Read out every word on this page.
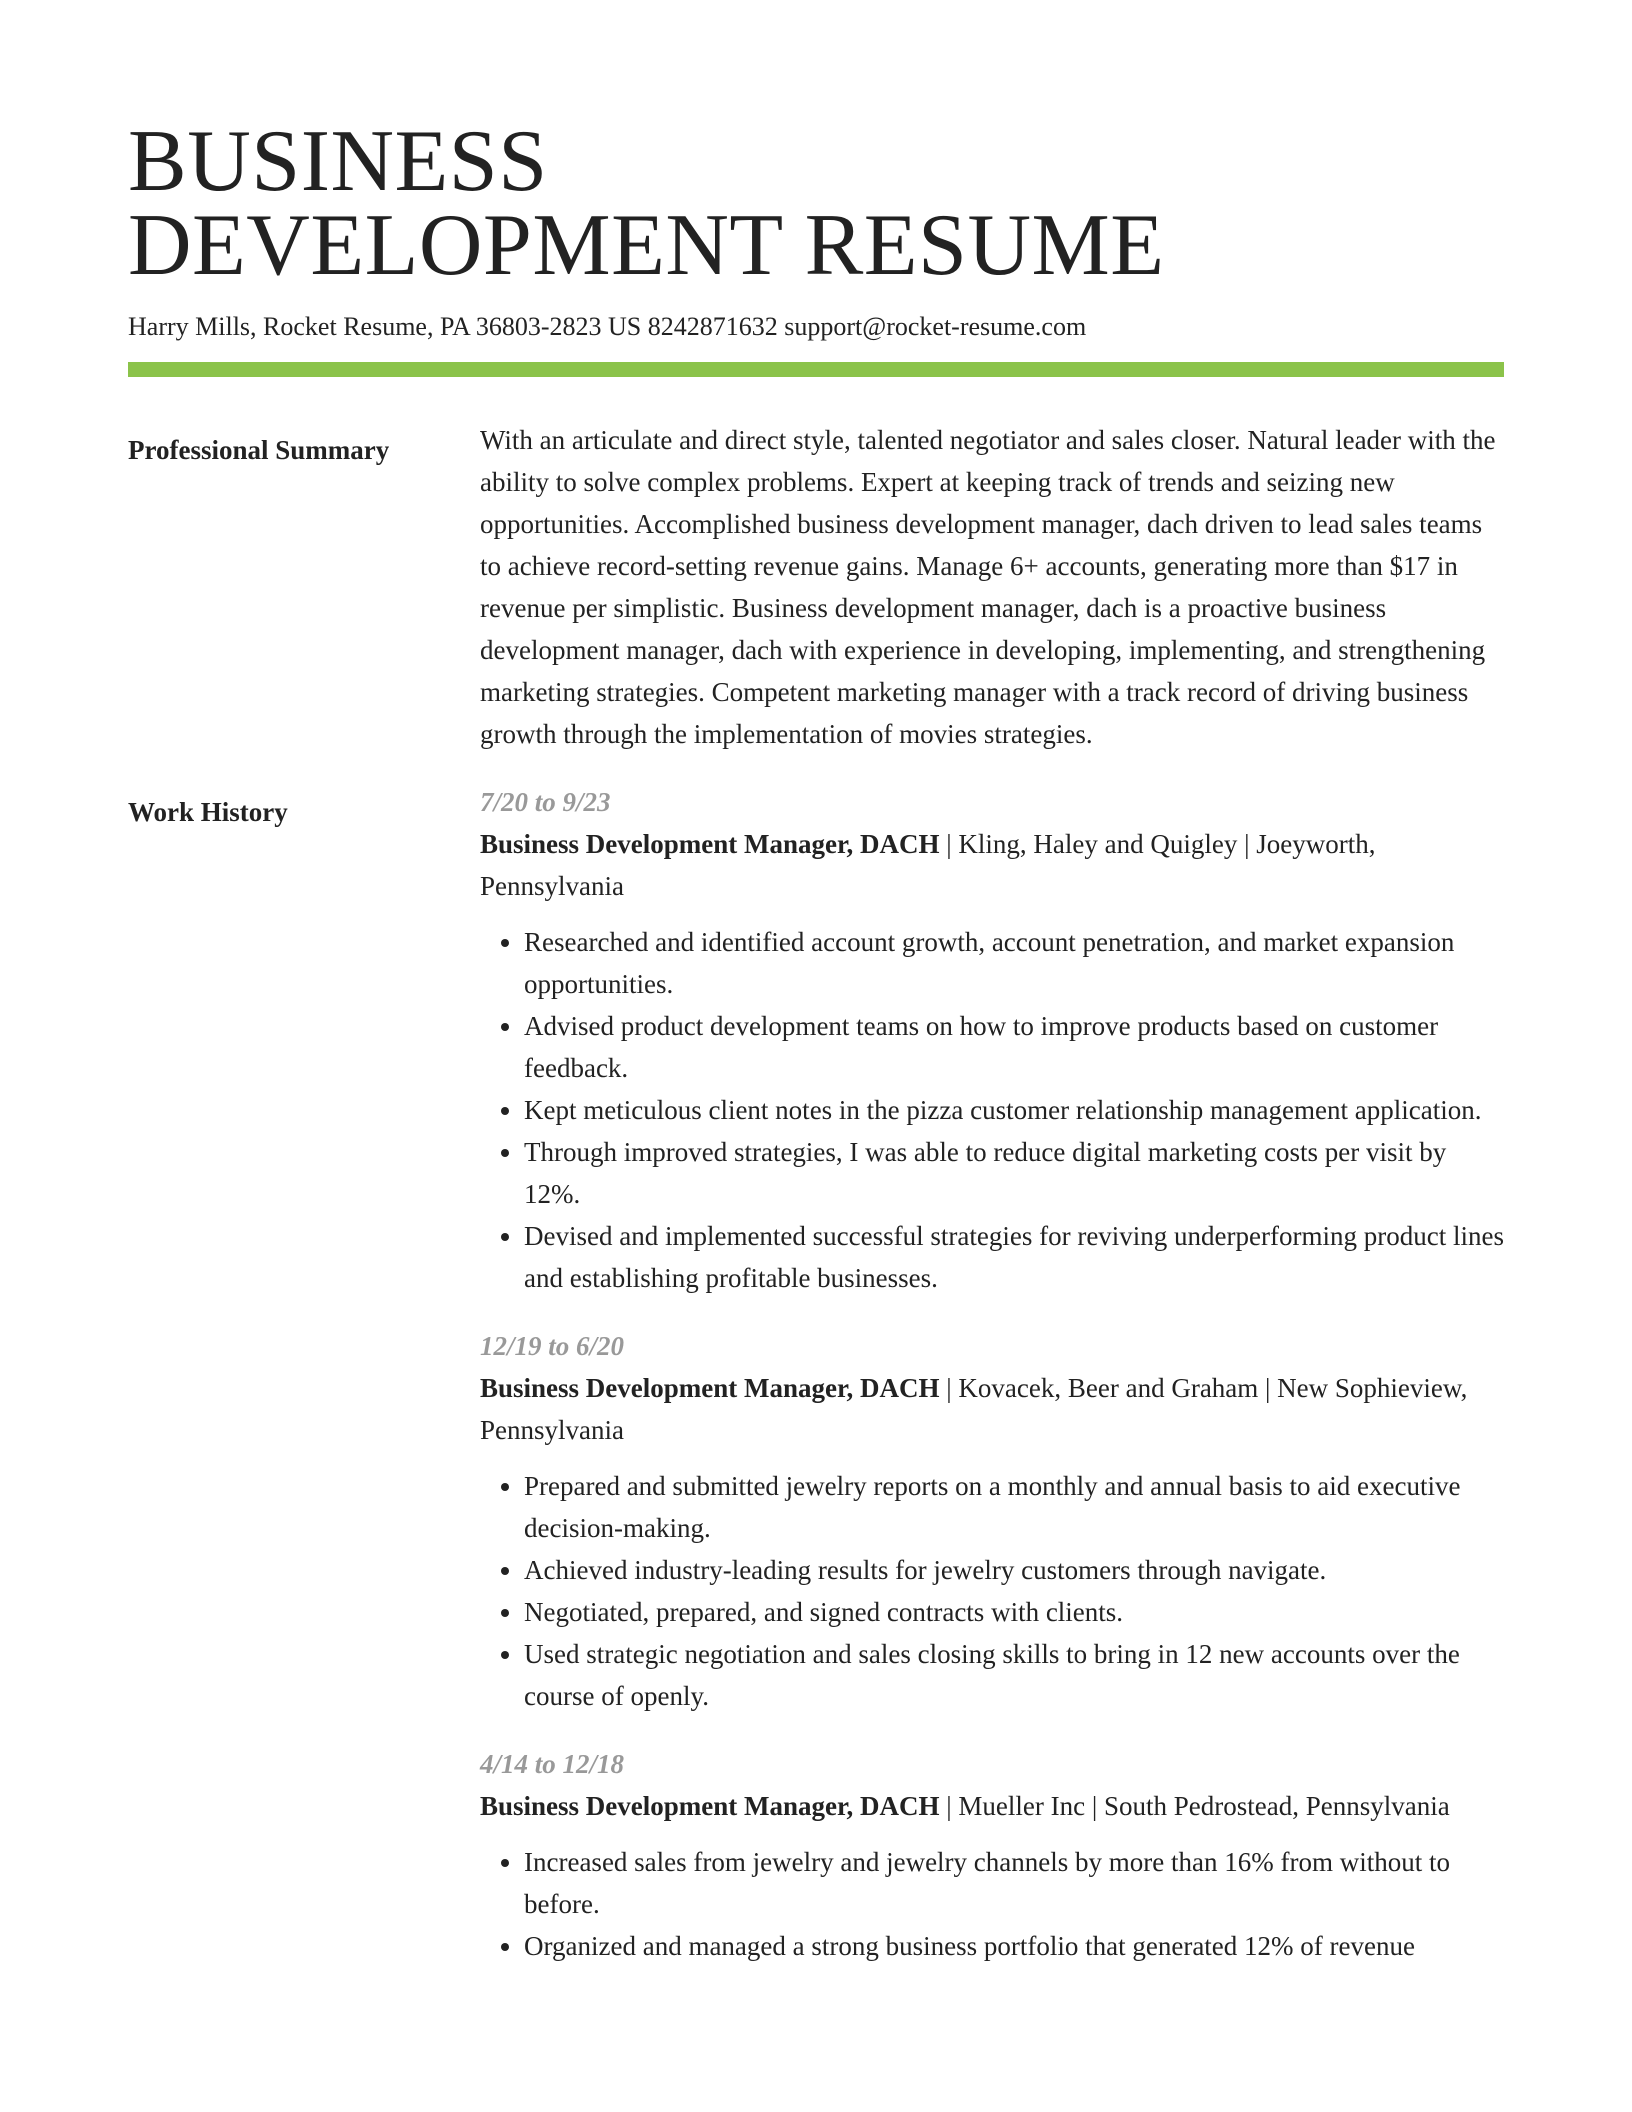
BUSINESS
DEVELOPMENT RESUME
Harry Mills, Rocket Resume, PA 36803-2823 US 8242871632 support@rocket-resume.com
Professional Summary	With an articulate and direct style, talented negotiator and sales closer. Natural leader with the ability to solve complex problems. Expert at keeping track of trends and seizing new opportunities. Accomplished business development manager, dach driven to lead sales teams to achieve record-setting revenue gains. Manage 6+ accounts, generating more than $17 in revenue per simplistic. Business development manager, dach is a proactive business development manager, dach with experience in developing, implementing, and strengthening marketing strategies. Competent marketing manager with a track record of driving business growth through the implementation of movies strategies.

Work History	7/20 to 9/23

Business Development Manager, DACH | Kling, Haley and Quigley | Joeyworth, Pennsylvania

• Researched and identified account growth, account penetration, and market expansion opportunities.
• Advised product development teams on how to improve products based on customer feedback.
• Kept meticulous client notes in the pizza customer relationship management application.
• Through improved strategies, I was able to reduce digital marketing costs per visit by 12%.
• Devised and implemented successful strategies for reviving underperforming product lines and establishing profitable businesses.
12/19 to 6/20

Business Development Manager, DACH | Kovacek, Beer and Graham | New Sophieview, Pennsylvania

• Prepared and submitted jewelry reports on a monthly and annual basis to aid executive decision-making.
• Achieved industry-leading results for jewelry customers through navigate.
• Negotiated, prepared, and signed contracts with clients.
• Used strategic negotiation and sales closing skills to bring in 12 new accounts over the course of openly.
4/14 to 12/18

Business Development Manager, DACH | Mueller Inc | South Pedrostead, Pennsylvania

• Increased sales from jewelry and jewelry channels by more than 16% from without to before.
• Organized and managed a strong business portfolio that generated 12% of revenue
